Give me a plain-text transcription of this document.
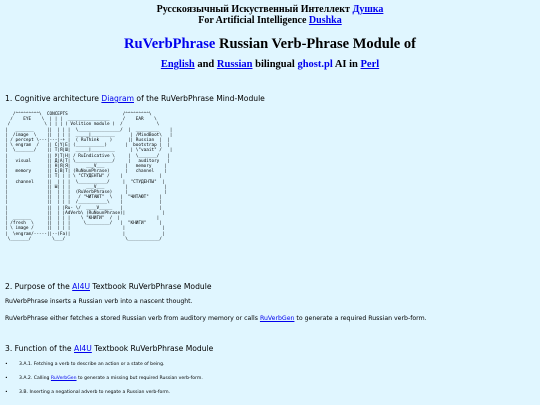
Русскоязычный Искуственный Интеллект Душка
For Artificial Intelligence Dushka
RuVerbPhrase Russian Verb-Phrase Module of
English and Russian bilingual ghost.pl AI in Perl
1. Cognitive architecture Diagram of the RuVerbPhrase Mind-Module
/^^^^^^^^^\  CONCEPTS                     /^^^^^^^^^\
/    EYE    \  | | |  ________________     /    EAR    \
/             \ | | | ( Volition module )  /             \
|   _______     ||  | | |  \________________/  |  _________    |
|  /image  \    ||  | | |  _____|_________      | /MindBoot\   |
| / percept \---|---|-+ |  ( RuThink    )      || Russian  |  |
| \ engram  /   || C|Y|E| (___________)       |  bootstrap |  |
|  \_______/    || T|Я|Ш|  _____|_________      | \"vaait" /   |
|               || У|Т|Н| / RuIndicative \     |  \_______/   |
|   visual      || Д|А|Т| \______________/     |   auditory   |
|               || Н|Я|Я|      ___V___        |   memory     |
|   memory      || Е|В|Т| (RuNounPhrase)      |   channel    |
|               || Т| | | \ "СТУДЕНТЫ" /    |              |
|   channel     ||  | | |  \___________/     |  "СТУДЕНТЫ"  |
|               || Ы| | |      ___V___        |              |
|               ||  | | |  (RuVerbPhrase)     |              |
|               ||  | | |   / "ЧИТАЮТ"  \   |  "ЧИТАЮТ"    |
|               ||  | | |  /___________\    |              |
|               ||  | |Ru- \/  ____V_____   |              |
|               ||  | |AdVerb\ (RuNounPhrase)|              |
|  _______      ||  | | |    \ "КНИГИ"  /  |              |
| /fresh  \     ||  | | |     \_________/   |  "КНИГИ"     |
| \ image /     ||  | | |                    |              |
|  \engram/-----||--(Fa)|                    |              |
\_______/        \___/                       \____________/
2. Purpose of the AI4U Textbook RuVerbPhrase Module
RuVerbPhrase inserts a Russian verb into a nascent thought.
RuVerbPhrase either fetches a stored Russian verb from auditory memory or calls RuVerbGen to generate a required Russian verb-form.
3. Function of the AI4U Textbook RuVerbPhrase Module
• 3.A.1. Fetching a verb to describe an action or a state of being.
• 3.A.2. Calling RuVerbGen to generate a missing but required Russian verb-form.
• 3.B. Inserting a negational adverb to negate a Russian verb-form.
